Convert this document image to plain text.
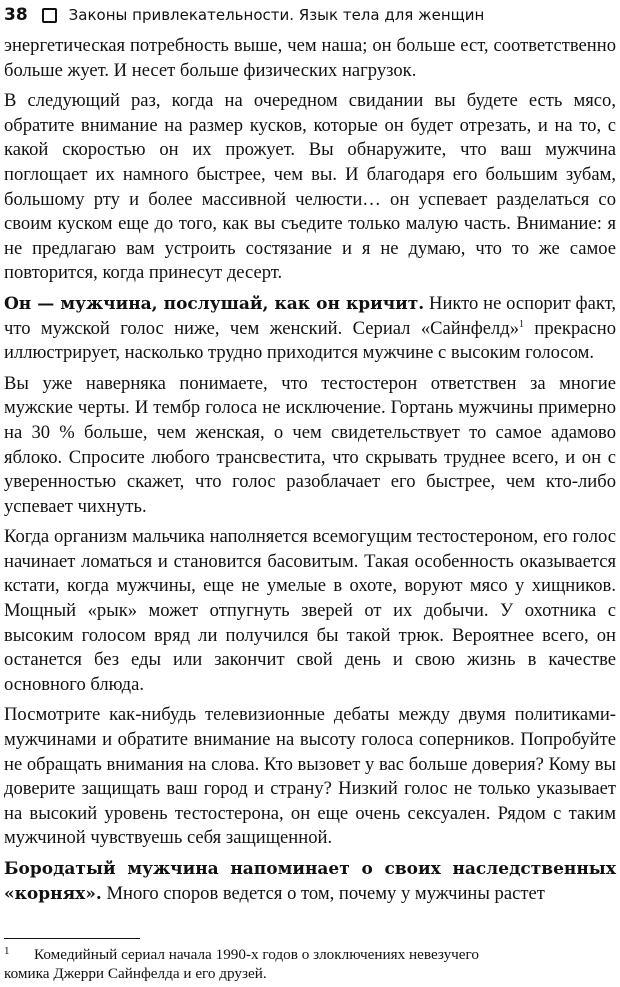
38	Законы привлекательности. Язык тела для женщин

энергетическая потребность выше, чем наша; он больше ест, соответственно больше жует. И несет больше физических нагрузок.

В следующий раз, когда на очередном свидании вы будете есть мясо, обратите внимание на размер кусков, которые он будет отрезать, и на то, с какой скоростью он их прожует. Вы обнаружите, что ваш мужчина поглощает их намного быстрее, чем вы. И благодаря его большим зубам, большому рту и более массивной челюсти… он успевает разделаться со своим куском еще до того, как вы съедите только малую часть. Внимание: я не предлагаю вам устроить состязание и я не думаю, что то же самое повторится, когда принесут десерт.

Он — мужчина, послушай, как он кричит. Никто не оспорит факт, что мужской голос ниже, чем женский. Сериал «Сайнфелд»$^1$ прекрасно иллюстрирует, насколько трудно приходится мужчине с высоким голосом.

Вы уже наверняка понимаете, что тестостерон ответствен за многие мужские черты. И тембр голоса не исключение. Гортань мужчины примерно на 30 % больше, чем женская, о чем свидетельствует то самое адамово яблоко. Спросите любого трансвестита, что скрывать труднее всего, и он с уверенностью скажет, что голос разоблачает его быстрее, чем кто-либо успевает чихнуть.

Когда организм мальчика наполняется всемогущим тестостероном, его голос начинает ломаться и становится басовитым. Такая особенность оказывается кстати, когда мужчины, еще не умелые в охоте, воруют мясо у хищников. Мощный «рык» может отпугнуть зверей от их добычи. У охотника с высоким голосом вряд ли получился бы такой трюк. Вероятнее всего, он останется без еды или закончит свой день и свою жизнь в качестве основного блюда.

Посмотрите как-нибудь телевизионные дебаты между двумя политиками-мужчинами и обратите внимание на высоту голоса соперников. Попробуйте не обращать внимания на слова. Кто вызовет у вас больше доверия? Кому вы доверите защищать ваш город и страну? Низкий голос не только указывает на высокий уровень тестостерона, он еще очень сексуален. Рядом с таким мужчиной чувствуешь себя защищенной.

Бородатый мужчина напоминает о своих наследственных «корнях». Много споров ведется о том, почему у мужчины растет

1 Комедийный сериал начала 1990-х годов о злоключениях невезучего
комика Джерри Сайнфелда и его друзей.
